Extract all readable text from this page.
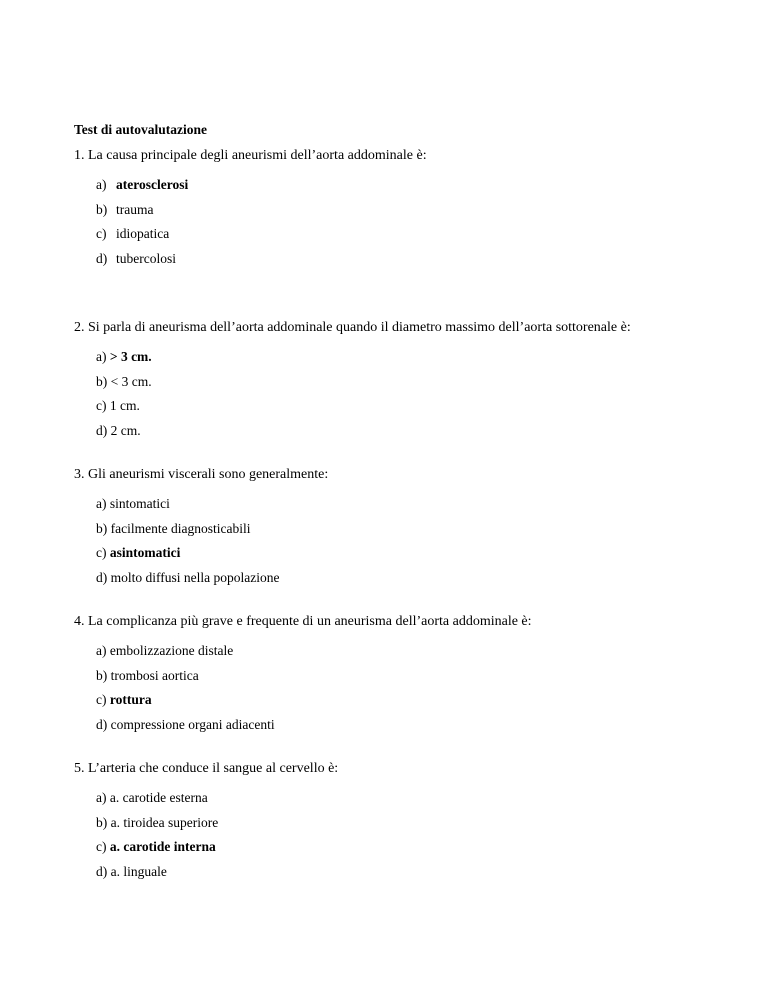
Test di autovalutazione
1. La causa principale degli aneurismi dell’aorta addominale è:
a) aterosclerosi
b) trauma
c) idiopatica
d) tubercolosi
2. Si parla di aneurisma dell’aorta addominale quando il diametro massimo dell’aorta sottorenale è:
a) > 3 cm.
b) < 3 cm.
c) 1 cm.
d) 2 cm.
3. Gli aneurismi viscerali sono generalmente:
a) sintomatici
b) facilmente diagnosticabili
c) asintomatici
d) molto diffusi nella popolazione
4. La complicanza più grave e frequente di un aneurisma dell’aorta addominale è:
a) embolizzazione distale
b) trombosi aortica
c) rottura
d) compressione organi adiacenti
5. L’arteria che conduce il sangue al cervello è:
a) a. carotide esterna
b) a. tiroidea superiore
c) a. carotide interna
d) a. linguale
